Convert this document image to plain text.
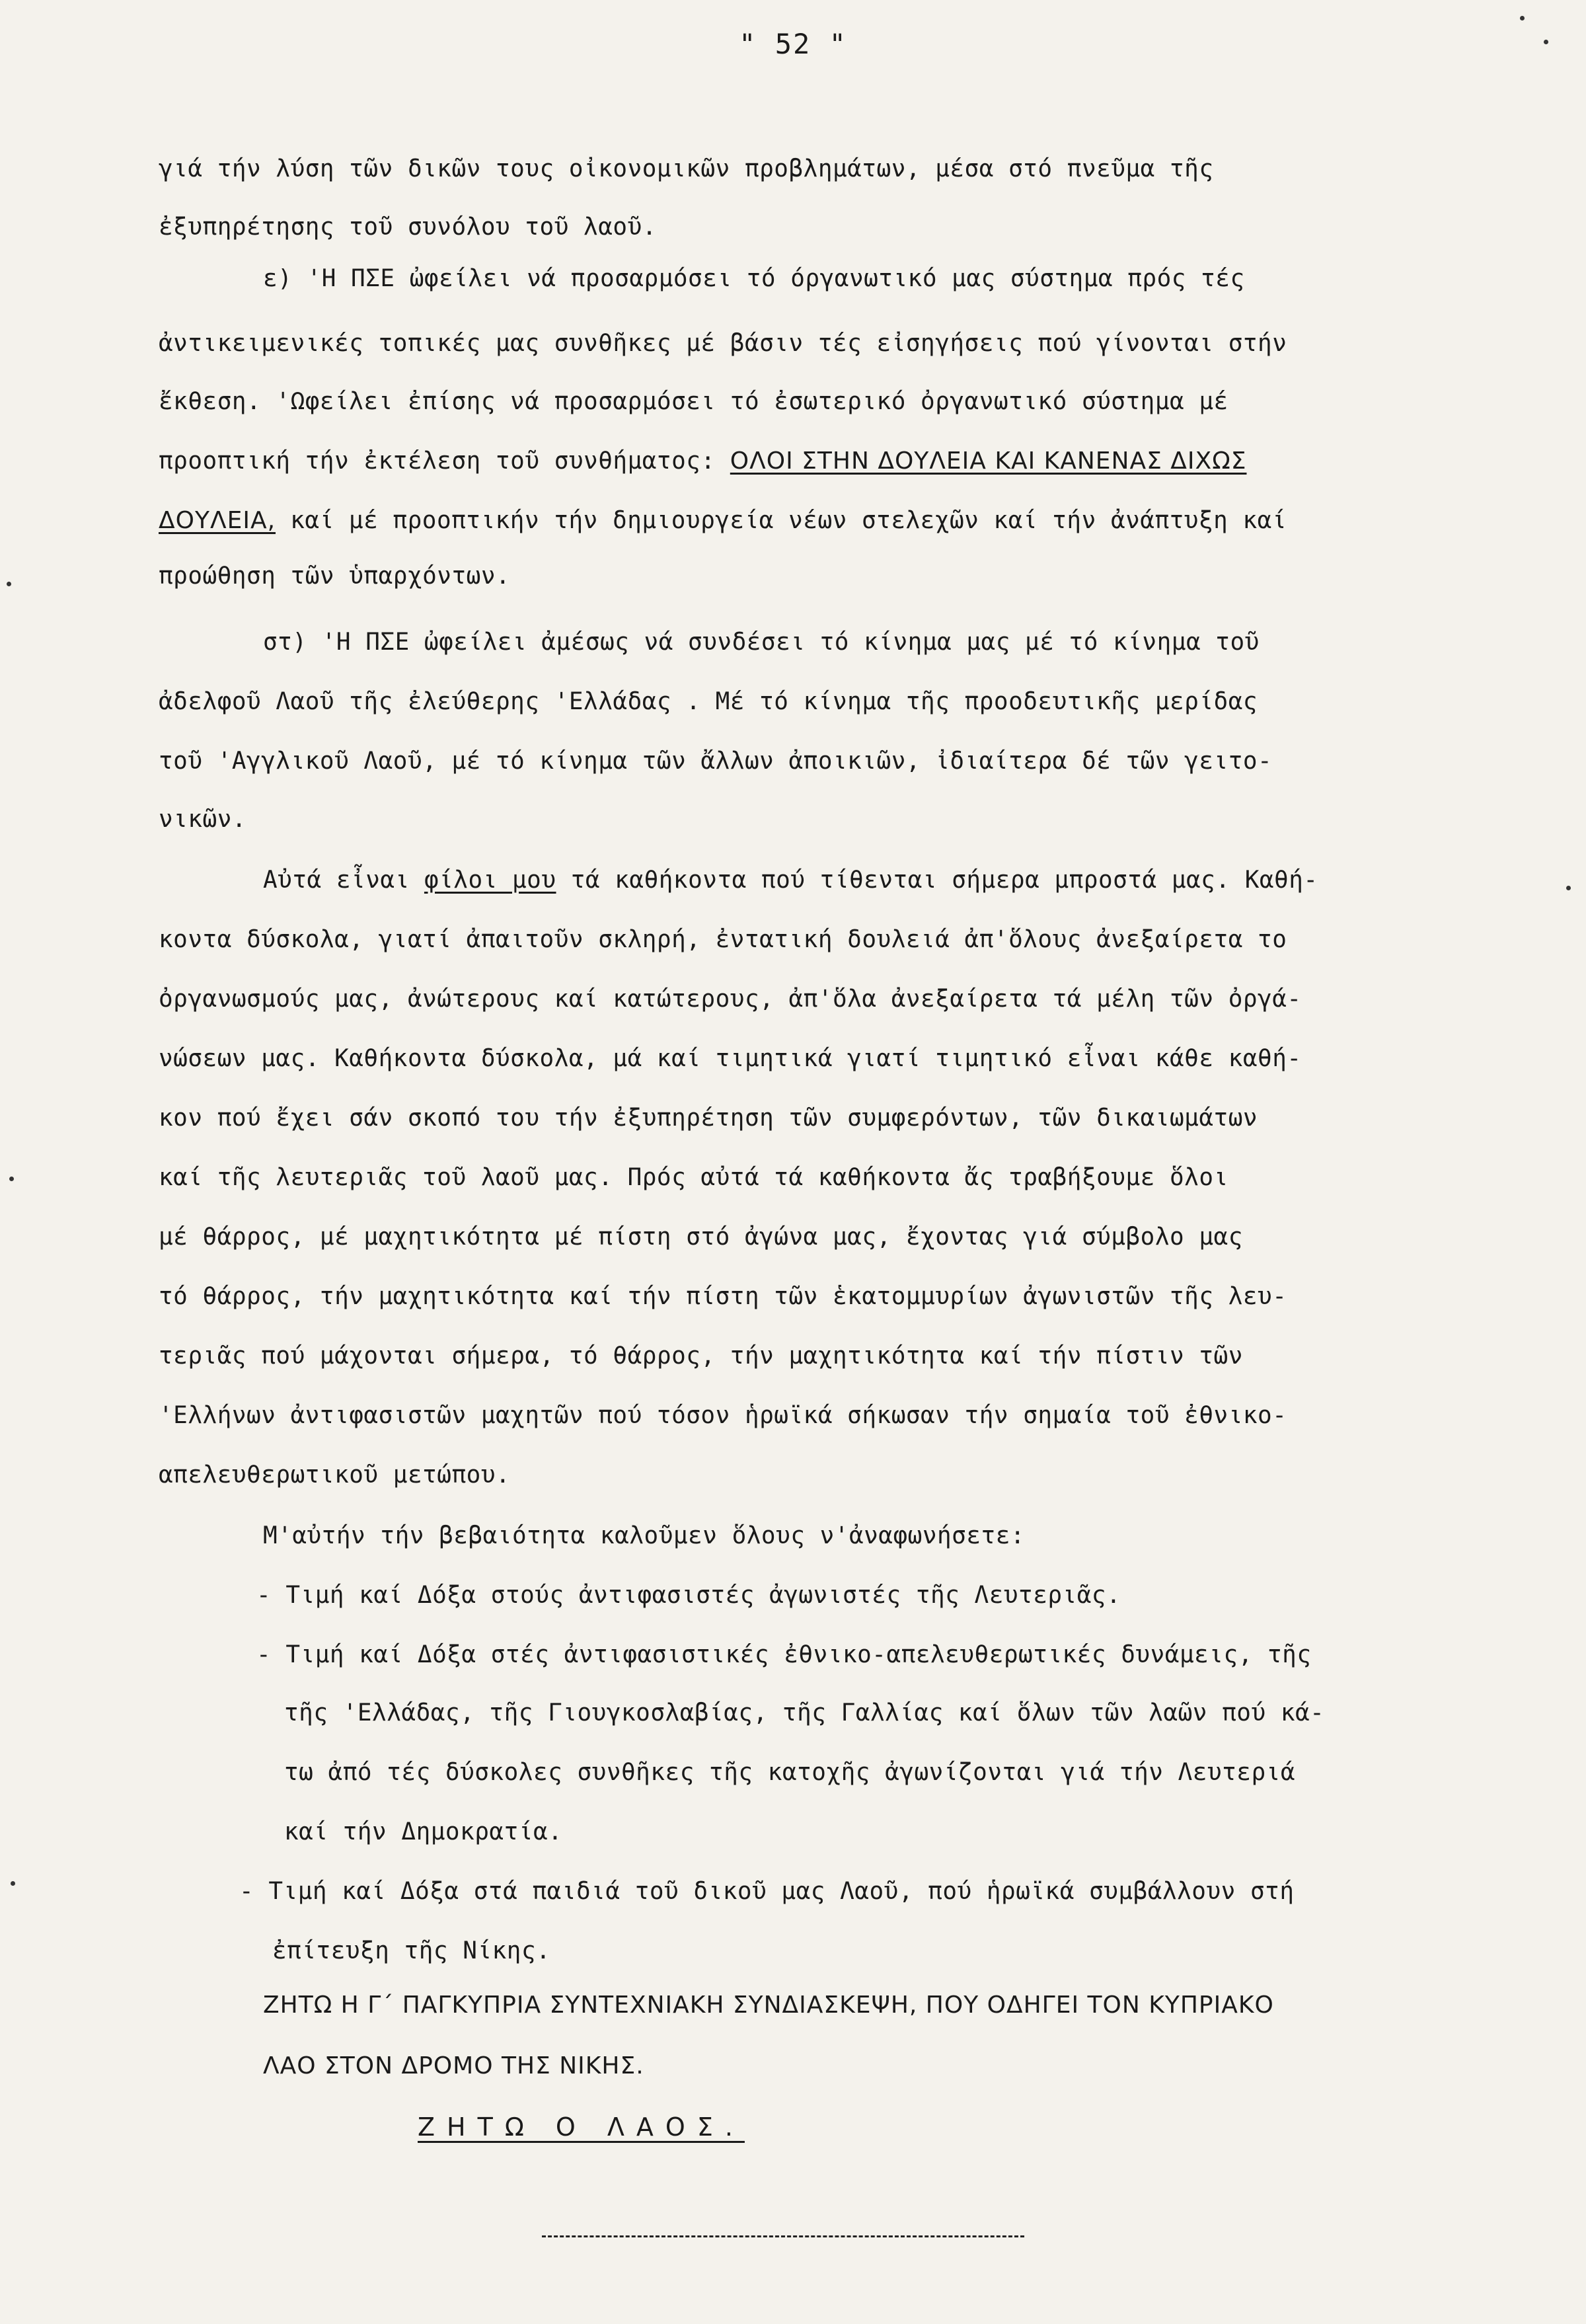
" 52 "
γιά τήν λύση τῶν δικῶν τους οἰκονομικῶν προβλημάτων, μέσα στό πνεῦμα τῆς
ἐξυπηρέτησης τοῦ συνόλου τοῦ λαοῦ.
ε) 'Η ΠΣΕ ὠφείλει νά προσαρμόσει τό όργανωτικό μας σύστημα πρός τές
ἀντικειμενικές τοπικές μας συνθῆκες μέ βάσιν τές εἰσηγήσεις πού γίνονται στήν
ἔκθεση. 'Ωφείλει ἐπίσης νά προσαρμόσει τό ἐσωτερικό ὀργανωτικό σύστημα μέ
προοπτική τήν ἐκτέλεση τοῦ συνθήματος: ΟΛΟΙ ΣΤΗΝ ΔΟΥΛΕΙΑ ΚΑΙ ΚΑΝΕΝΑΣ ΔΙΧΩΣ
ΔΟΥΛΕΙΑ, καί μέ προοπτικήν τήν δημιουργεία νέων στελεχῶν καί τήν ἀνάπτυξη καί
προώθηση τῶν ὑπαρχόντων.
στ) 'Η ΠΣΕ ὠφείλει ἀμέσως νά συνδέσει τό κίνημα μας μέ τό κίνημα τοῦ
ἀδελφοῦ Λαοῦ τῆς ἐλεύθερης 'Ελλάδας . Μέ τό κίνημα τῆς προοδευτικῆς μερίδας
τοῦ 'Αγγλικοῦ Λαοῦ, μέ τό κίνημα τῶν ἄλλων ἀποικιῶν, ἰδιαίτερα δέ τῶν γειτο-
νικῶν.
Αὐτά εἶναι φίλοι μου τά καθήκοντα πού τίθενται σήμερα μπροστά μας. Καθή-
κοντα δύσκολα, γιατί ἀπαιτοῦν σκληρή, ἐντατική δουλειά ἀπ'ὅλους ἀνεξαίρετα το
ὀργανωσμούς μας, ἀνώτερους καί κατώτερους, ἀπ'ὅλα ἀνεξαίρετα τά μέλη τῶν ὀργά-
νώσεων μας. Καθήκοντα δύσκολα, μά καί τιμητικά γιατί τιμητικό εἶναι κάθε καθή-
κον πού ἔχει σάν σκοπό του τήν ἐξυπηρέτηση τῶν συμφερόντων, τῶν δικαιωμάτων
καί τῆς λευτεριᾶς τοῦ λαοῦ μας. Πρός αὐτά τά καθήκοντα ἄς τραβήξουμε ὅλοι
μέ θάρρος, μέ μαχητικότητα μέ πίστη στό ἀγώνα μας, ἔχοντας γιά σύμβολο μας
τό θάρρος, τήν μαχητικότητα καί τήν πίστη τῶν ἑκατομμυρίων ἀγωνιστῶν τῆς λευ-
τεριᾶς πού μάχονται σήμερα, τό θάρρος, τήν μαχητικότητα καί τήν πίστιν τῶν
'Ελλήνων ἀντιφασιστῶν μαχητῶν πού τόσον ἡρωϊκά σήκωσαν τήν σημαία τοῦ ἐθνικο-
απελευθερωτικοῦ μετώπου.
Μ'αὐτήν τήν βεβαιότητα καλοῦμεν ὅλους ν'ἀναφωνήσετε:
- Τιμή καί Δόξα στούς ἀντιφασιστές ἀγωνιστές τῆς Λευτεριᾶς.
- Τιμή καί Δόξα στές ἀντιφασιστικές ἐθνικο-απελευθερωτικές δυνάμεις, τῆς
τῆς 'Ελλάδας, τῆς Γιουγκοσλαβίας, τῆς Γαλλίας καί ὅλων τῶν λαῶν πού κά-
τω ἀπό τές δύσκολες συνθῆκες τῆς κατοχῆς ἀγωνίζονται γιά τήν Λευτεριά
καί τήν Δημοκρατία.
- Τιμή καί Δόξα στά παιδιά τοῦ δικοῦ μας Λαοῦ, πού ἡρωϊκά συμβάλλουν στή
ἐπίτευξη τῆς Νίκης.
ΖΗΤΩ Η Γ΄ ΠΑΓΚΥΠΡΙΑ ΣΥΝΤΕΧΝΙΑΚΗ ΣΥΝΔΙΑΣΚΕΨΗ, ΠΟΥ ΟΔΗΓΕΙ ΤΟΝ ΚΥΠΡΙΑΚΟ
ΛΑΟ ΣΤΟΝ ΔΡΟΜΟ ΤΗΣ ΝΙΚΗΣ.
ΖΗΤΩ Ο ΛΑΟΣ.
